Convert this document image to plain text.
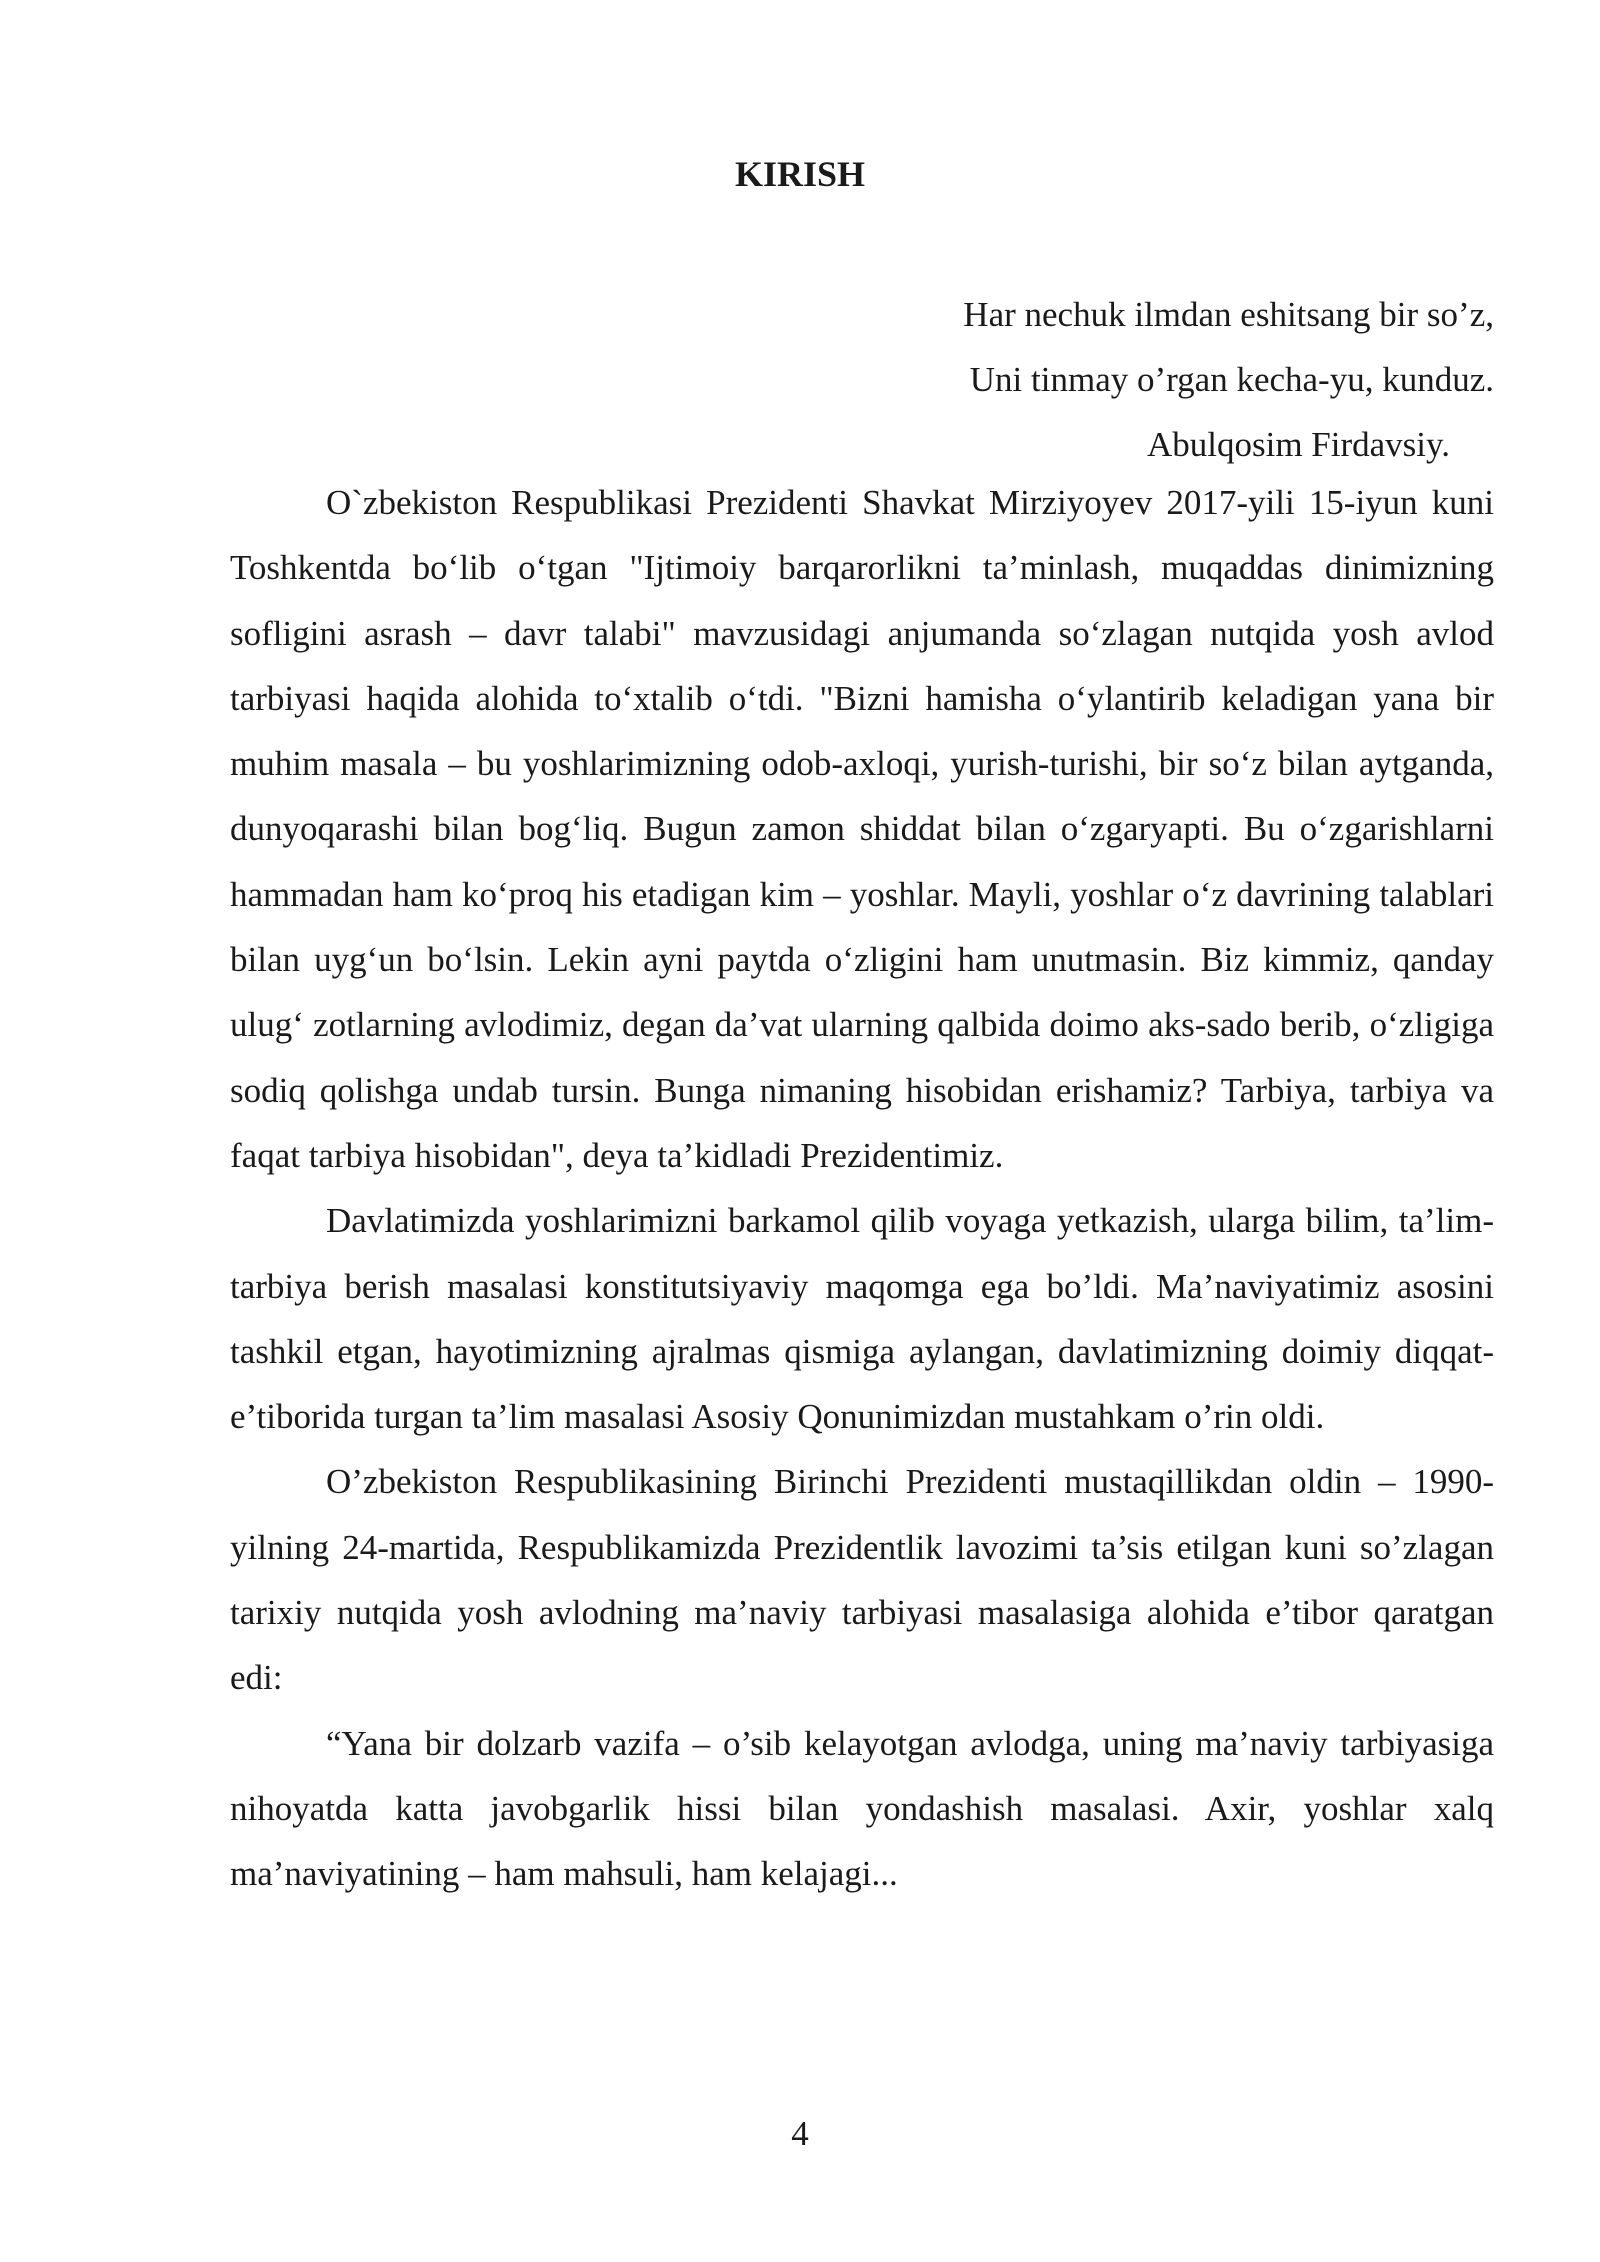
KIRISH
Har nechuk ilmdan eshitsang bir so’z,
Uni tinmay o’rgan kecha-yu, kunduz.
Abulqosim Firdavsiy.

O`zbekiston Respublikasi Prezidenti Shavkat Mirziyoyev 2017-yili 15-iyun kuni Toshkentda bo‘lib o‘tgan "Ijtimoiy barqarorlikni ta’minlash, muqaddas dinimizning sofligini asrash – davr talabi" mavzusidagi anjumanda so‘zlagan nutqida yosh avlod tarbiyasi haqida alohida to‘xtalib o‘tdi. "Bizni hamisha o‘ylantirib keladigan yana bir muhim masala – bu yoshlarimizning odob-axloqi, yurish-turishi, bir so‘z bilan aytganda, dunyoqarashi bilan bog‘liq. Bugun zamon shiddat bilan o‘zgaryapti. Bu o‘zgarishlarni hammadan ham ko‘proq his etadigan kim – yoshlar. Mayli, yoshlar o‘z davrining talablari bilan uyg‘un bo‘lsin. Lekin ayni paytda o‘zligini ham unutmasin. Biz kimmiz, qanday ulug‘ zotlarning avlodimiz, degan da’vat ularning qalbida doimo aks-sado berib, o‘zligiga sodiq qolishga undab tursin. Bunga nimaning hisobidan erishamiz? Tarbiya, tarbiya va faqat tarbiya hisobidan", deya ta’kidladi Prezidentimiz.

Davlatimizda yoshlarimizni barkamol qilib voyaga yetkazish, ularga bilim, ta’lim-tarbiya berish masalasi konstitutsiyaviy maqomga ega bo’ldi. Ma’naviyatimiz asosini tashkil etgan, hayotimizning ajralmas qismiga aylangan, davlatimizning doimiy diqqat-e’tiborida turgan ta’lim masalasi Asosiy Qonunimizdan mustahkam o’rin oldi.

O’zbekiston Respublikasining Birinchi Prezidenti mustaqillikdan oldin – 1990-yilning 24-martida, Respublikamizda Prezidentlik lavozimi ta’sis etilgan kuni so’zlagan tarixiy nutqida yosh avlodning ma’naviy tarbiyasi masalasiga alohida e’tibor qaratgan edi:

“Yana bir dolzarb vazifa – o’sib kelayotgan avlodga, uning ma’naviy tarbiyasiga nihoyatda katta javobgarlik hissi bilan yondashish masalasi. Axir, yoshlar xalq ma’naviyatining – ham mahsuli, ham kelajagi...

4
